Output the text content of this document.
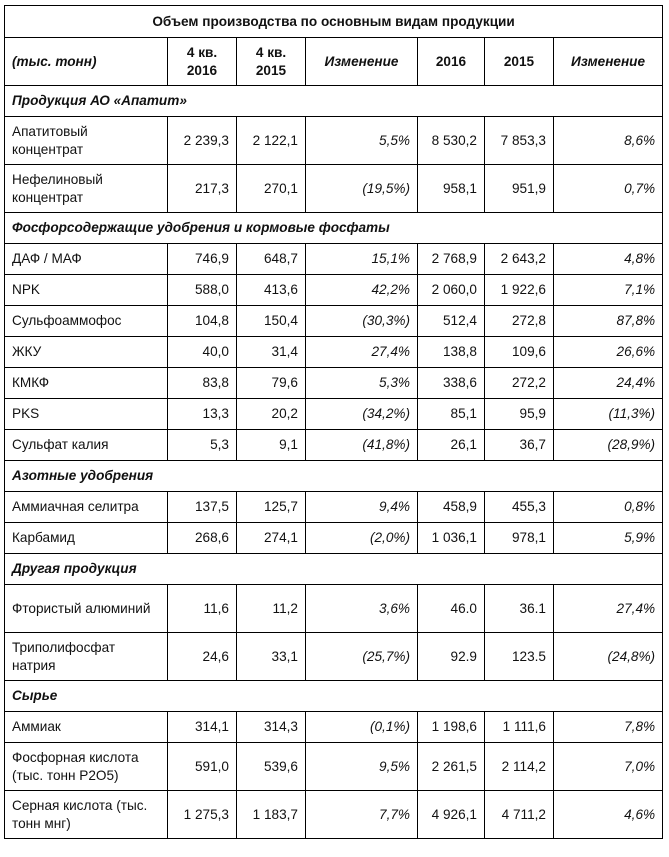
Объем производства по основным видам продукции						
(тыс. тонн)	4 кв. 2016	4 кв. 2015	Изменение	2016	2015	Изменение
Продукция АО «Апатит»						
Апатитовый концентрат	2 239,3	2 122,1	5,5%	8 530,2	7 853,3	8,6%
Нефелиновый концентрат	217,3	270,1	(19,5%)	958,1	951,9	0,7%
Фосфорсодержащие удобрения и кормовые фосфаты						
ДАФ / МАФ	746,9	648,7	15,1%	2 768,9	2 643,2	4,8%
NPK	588,0	413,6	42,2%	2 060,0	1 922,6	7,1%
Сульфоаммофос	104,8	150,4	(30,3%)	512,4	272,8	87,8%
ЖКУ	40,0	31,4	27,4%	138,8	109,6	26,6%
КМКФ	83,8	79,6	5,3%	338,6	272,2	24,4%
PKS	13,3	20,2	(34,2%)	85,1	95,9	(11,3%)
Сульфат калия	5,3	9,1	(41,8%)	26,1	36,7	(28,9%)
Азотные удобрения						
Аммиачная селитра	137,5	125,7	9,4%	458,9	455,3	0,8%
Карбамид	268,6	274,1	(2,0%)	1 036,1	978,1	5,9%
Другая продукция						
Фтористый алюминий	11,6	11,2	3,6%	46.0	36.1	27,4%
Триполифосфат натрия	24,6	33,1	(25,7%)	92.9	123.5	(24,8%)
Сырье						
Аммиак	314,1	314,3	(0,1%)	1 198,6	1 111,6	7,8%
Фосфорная кислота (тыс. тонн P2O5)	591,0	539,6	9,5%	2 261,5	2 114,2	7,0%
Серная кислота (тыс. тонн мнг)	1 275,3	1 183,7	7,7%	4 926,1	4 711,2	4,6%
